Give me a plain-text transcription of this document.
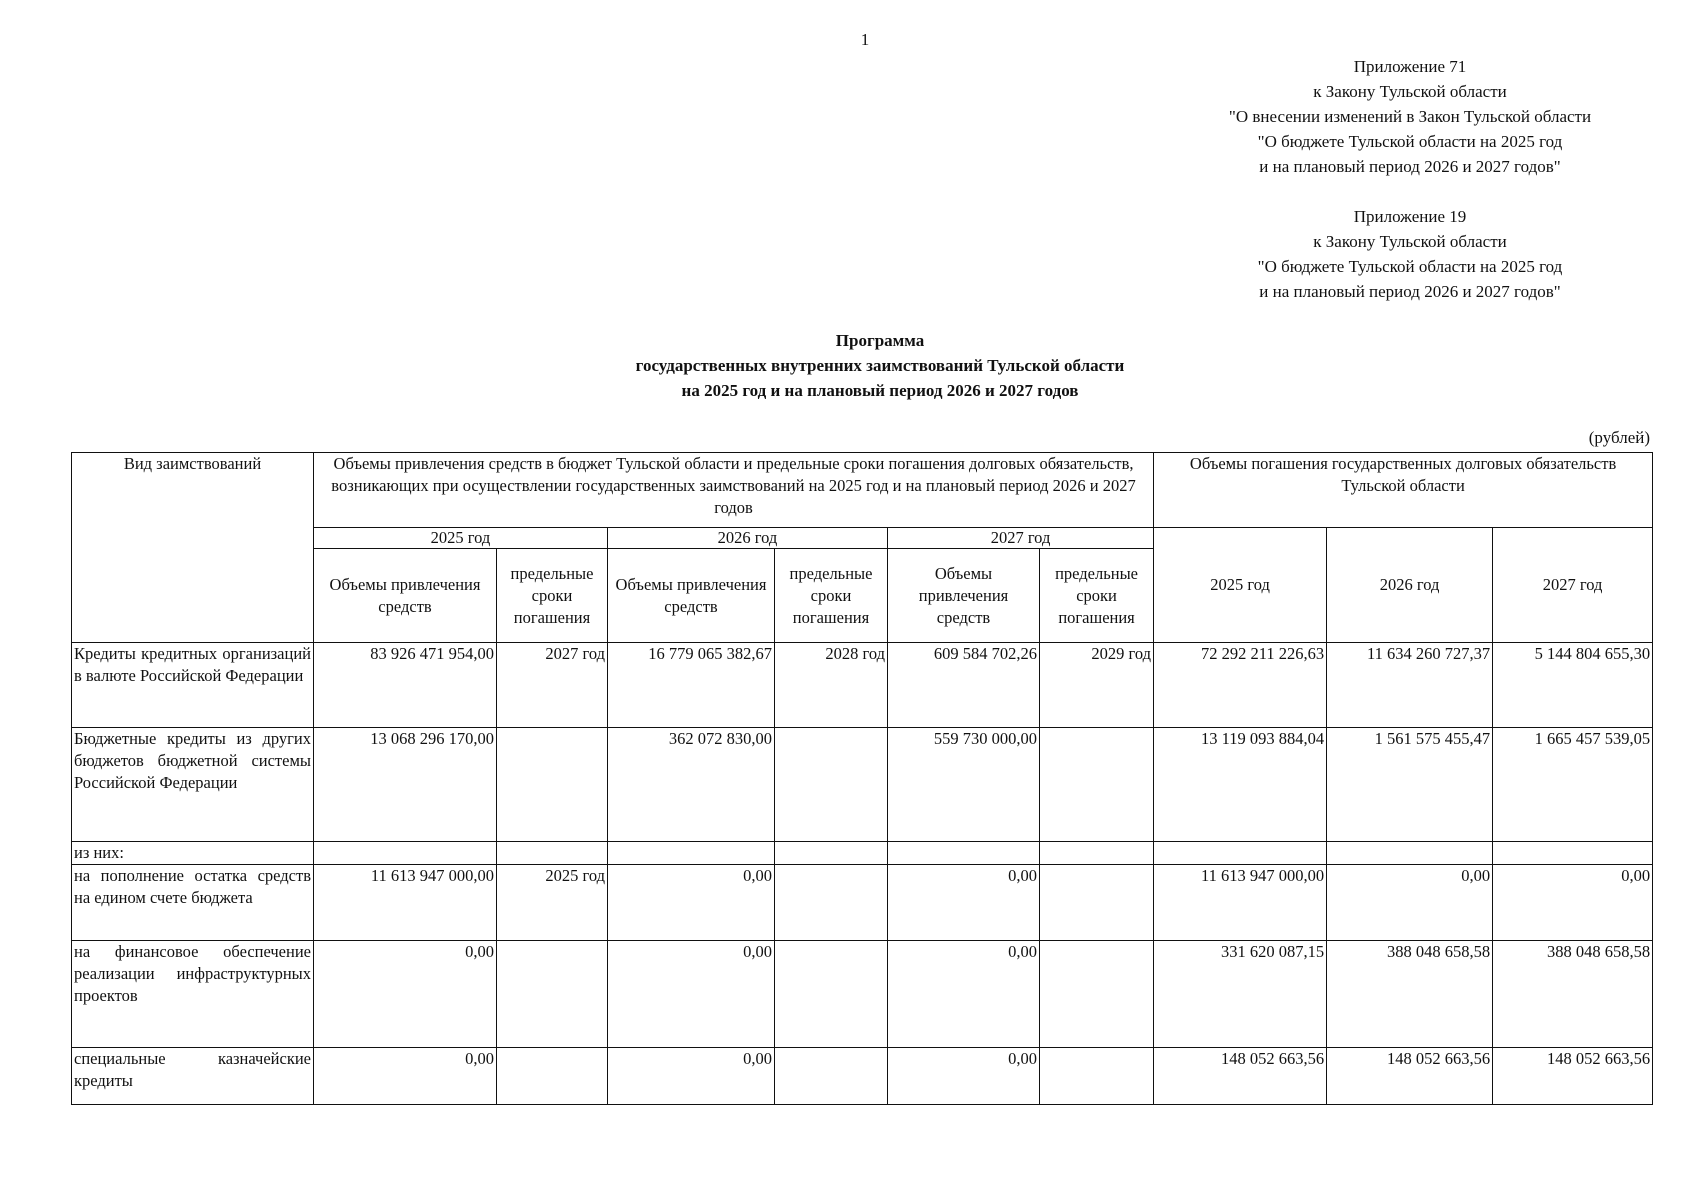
1
Приложение 71
к Закону Тульской области
"О внесении изменений в Закон Тульской области
"О бюджете Тульской области на 2025 год
и на плановый период 2026 и 2027 годов"
Приложение 19
к Закону Тульской области
"О бюджете Тульской области на 2025 год
и на плановый период 2026 и 2027 годов"
Программа
государственных внутренних заимствований Тульской области
на 2025 год и на плановый период 2026 и 2027 годов
(рублей)
Вид заимствований	Объемы привлечения средств в бюджет Тульской области и предельные сроки погашения долговых обязательств, возникающих при осуществлении государственных заимствований на 2025 год и на плановый период 2026 и 2027 годов						Объемы погашения государственных долговых обязательств Тульской области		
	2025 год		2026 год		2027 год		2025 год	2026 год	2027 год
	Объемы привлечения средств	предельные сроки погашения	Объемы привлечения средств	предельные сроки погашения	Объемы привлечения средств	предельные сроки погашения			
Кредиты кредитных организаций в валюте Российской Федерации	83 926 471 954,00	2027 год	16 779 065 382,67	2028 год	609 584 702,26	2029 год	72 292 211 226,63	11 634 260 727,37	5 144 804 655,30
Бюджетные кредиты из других бюджетов бюджетной системы Российской Федерации	13 068 296 170,00		362 072 830,00		559 730 000,00		13 119 093 884,04	1 561 575 455,47	1 665 457 539,05
из них:									
на пополнение остатка средств на едином счете бюджета	11 613 947 000,00	2025 год	0,00		0,00		11 613 947 000,00	0,00	0,00
на финансовое обеспечение реализации инфраструктурных проектов	0,00		0,00		0,00		331 620 087,15	388 048 658,58	388 048 658,58
специальные казначейские кредиты	0,00		0,00		0,00		148 052 663,56	148 052 663,56	148 052 663,56
